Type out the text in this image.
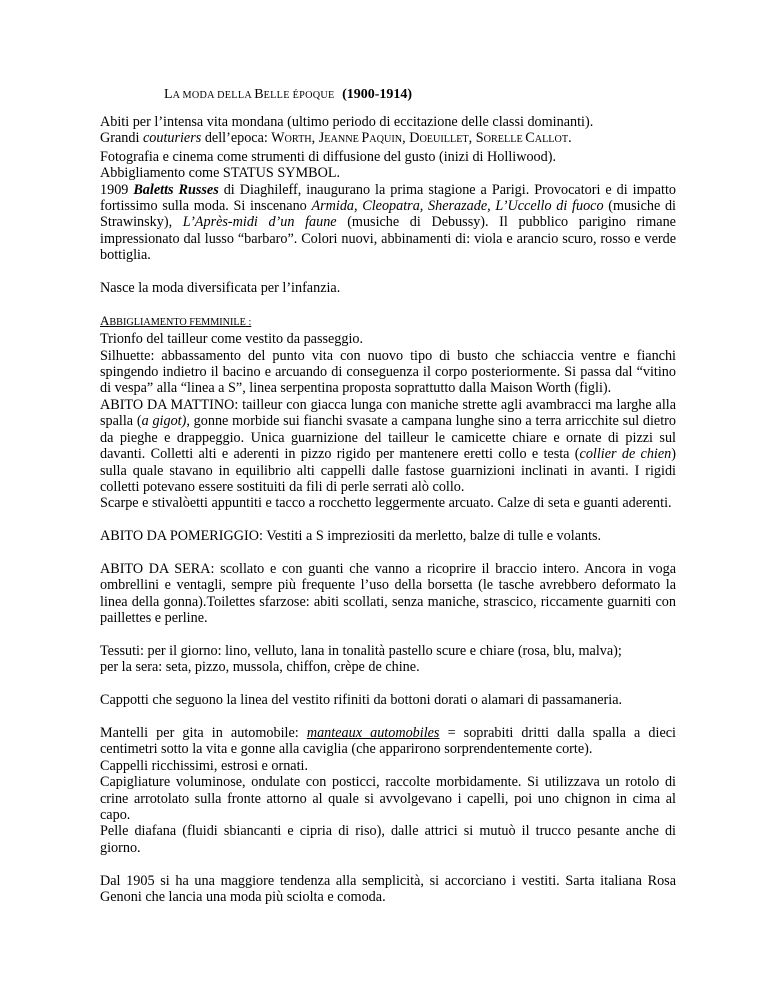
LA MODA DELLA BELLE ÉPOQUE (1900-1914)

Abiti per l’intensa vita mondana (ultimo periodo di eccitazione delle classi dominanti).

Grandi couturiers dell’epoca: WORTH, JEANNE PAQUIN, DOEUILLET, SORELLE CALLOT.

Fotografia e cinema come strumenti di diffusione del gusto (inizi di Holliwood).

Abbigliamento come STATUS SYMBOL.

1909 Baletts Russes di Diaghileff, inaugurano la prima stagione a Parigi. Provocatori e di impatto fortissimo sulla moda. Si inscenano Armida, Cleopatra, Sherazade, L’Uccello di fuoco (musiche di Strawinsky), L’Après-midi d’un faune (musiche di Debussy). Il pubblico parigino rimane impressionato dal lusso “barbaro”. Colori nuovi, abbinamenti di: viola e arancio scuro, rosso e verde bottiglia.

Nasce la moda diversificata per l’infanzia.

ABBIGLIAMENTO FEMMINILE :

Trionfo del tailleur come vestito da passeggio.

Silhuette: abbassamento del punto vita con nuovo tipo di busto che schiaccia ventre e fianchi spingendo indietro il bacino e arcuando di conseguenza il corpo posteriormente. Si passa dal “vitino di vespa” alla “linea a S”, linea serpentina proposta soprattutto dalla Maison Worth (figli).

ABITO DA MATTINO: tailleur con giacca lunga con maniche strette agli avambracci ma larghe alla spalla (a gigot), gonne morbide sui fianchi svasate a campana lunghe sino a terra arricchite sul dietro da pieghe e drappeggio. Unica guarnizione del tailleur le camicette chiare e ornate di pizzi sul davanti. Colletti alti e aderenti in pizzo rigido per mantenere eretti collo e testa (collier de chien) sulla quale stavano in equilibrio alti cappelli dalle fastose guarnizioni inclinati in avanti. I rigidi colletti potevano essere sostituiti da fili di perle serrati alò collo.

Scarpe e stivalòetti appuntiti e tacco a rocchetto leggermente arcuato. Calze di seta e guanti aderenti.

ABITO DA POMERIGGIO: Vestiti a S impreziositi da merletto, balze di tulle e volants.

ABITO DA SERA: scollato e con guanti che vanno a ricoprire il braccio intero. Ancora in voga ombrellini e ventagli, sempre più frequente l’uso della borsetta (le tasche avrebbero deformato la linea della gonna).Toilettes sfarzose: abiti scollati, senza maniche, strascico, riccamente guarniti con paillettes e perline.

Tessuti: per il giorno: lino, velluto, lana in tonalità pastello scure e chiare (rosa, blu, malva);

per la sera: seta, pizzo, mussola, chiffon, crèpe de chine.

Cappotti che seguono la linea del vestito rifiniti da bottoni dorati o alamari di passamaneria.

Mantelli per gita in automobile: manteaux automobiles = soprabiti dritti dalla spalla a dieci centimetri sotto la vita e gonne alla caviglia (che apparirono sorprendentemente corte).

Cappelli ricchissimi, estrosi e ornati.

Capigliature voluminose, ondulate con posticci, raccolte morbidamente. Si utilizzava un rotolo di crine arrotolato sulla fronte attorno al quale si avvolgevano i capelli, poi uno chignon in cima al capo.

Pelle diafana (fluidi sbiancanti e cipria di riso), dalle attrici si mutuò il trucco pesante anche di giorno.

Dal 1905 si ha una maggiore tendenza alla semplicità, si accorciano i vestiti. Sarta italiana Rosa Genoni che lancia una moda più sciolta e comoda.
